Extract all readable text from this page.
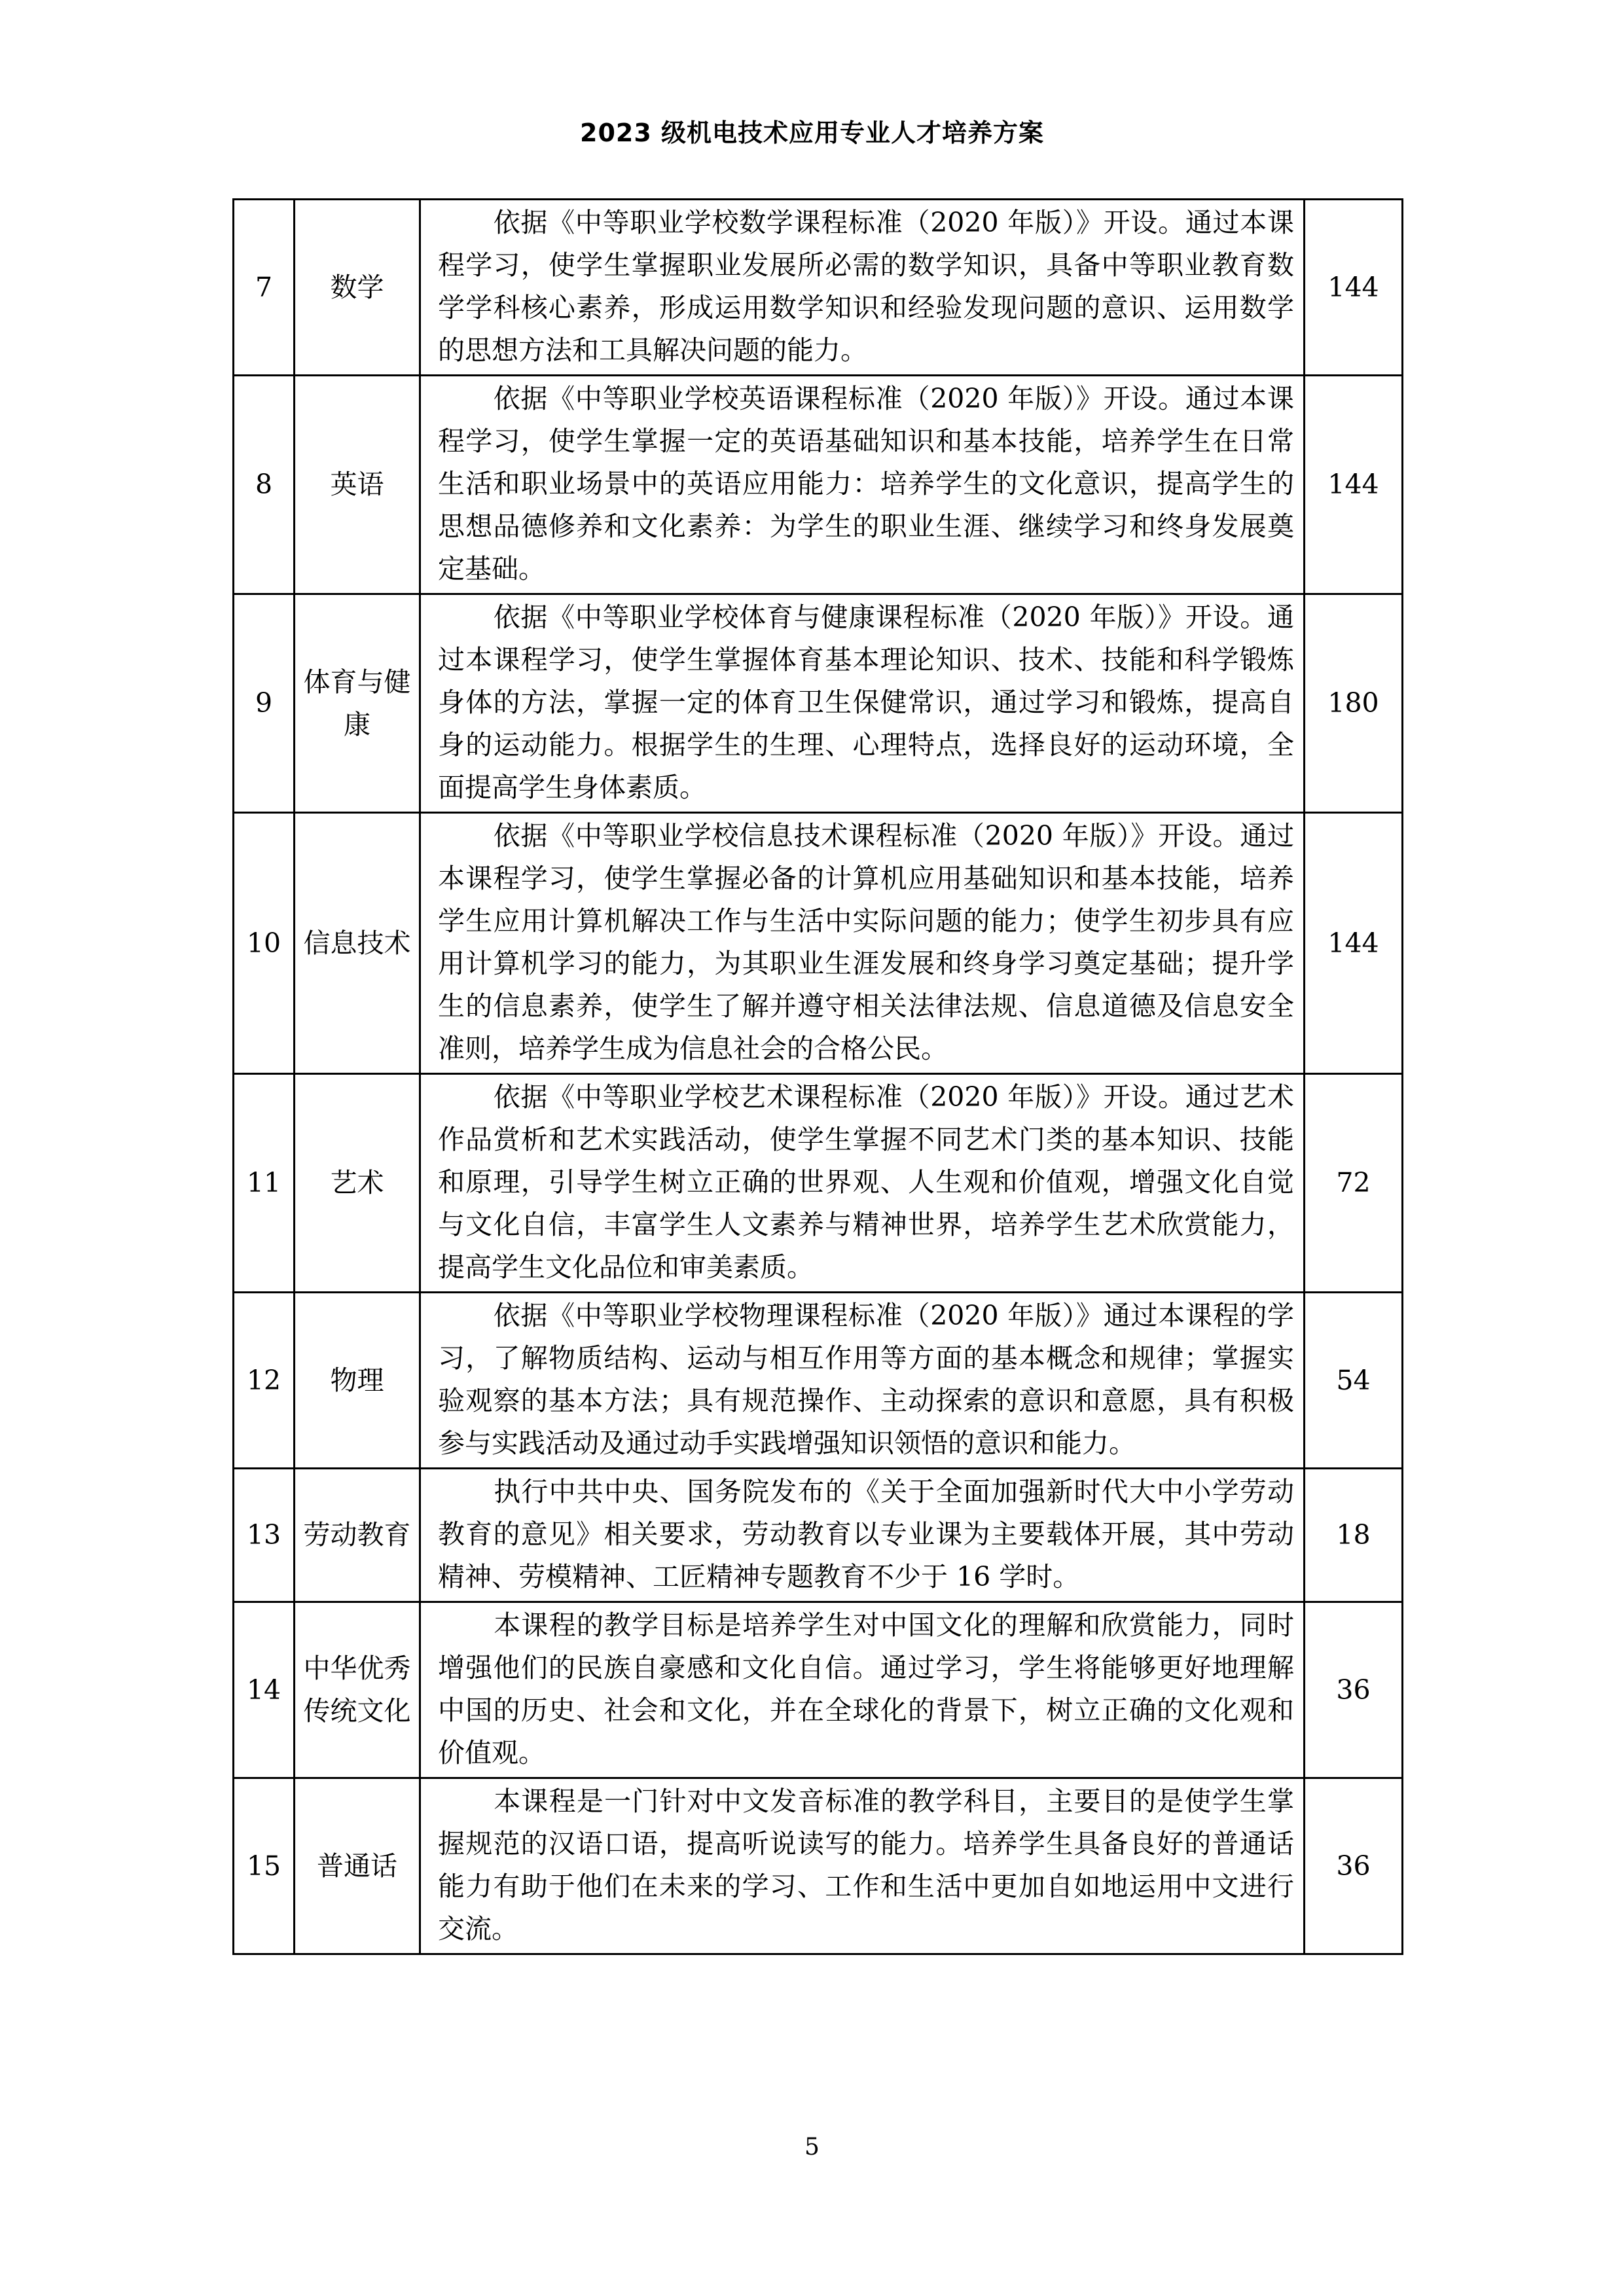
2023 级机电技术应用专业人才培养方案
7	数学	依据《中等职业学校数学课程标准（2020 年版）》开设。通过本课程学习，使学生掌握职业发展所必需的数学知识，具备中等职业教育数学学科核心素养，形成运用数学知识和经验发现问题的意识、运用数学的思想方法和工具解决问题的能力。	144
8	英语	依据《中等职业学校英语课程标准（2020 年版）》开设。通过本课程学习，使学生掌握一定的英语基础知识和基本技能，培养学生在日常生活和职业场景中的英语应用能力：培养学生的文化意识，提高学生的思想品德修养和文化素养：为学生的职业生涯、继续学习和终身发展奠定基础。	144
9	体育与健康	依据《中等职业学校体育与健康课程标准（2020 年版）》开设。通过本课程学习，使学生掌握体育基本理论知识、技术、技能和科学锻炼身体的方法，掌握一定的体育卫生保健常识，通过学习和锻炼，提高自身的运动能力。根据学生的生理、心理特点，选择良好的运动环境，全面提高学生身体素质。	180
10	信息技术	依据《中等职业学校信息技术课程标准（2020 年版）》开设。通过本课程学习，使学生掌握必备的计算机应用基础知识和基本技能，培养学生应用计算机解决工作与生活中实际问题的能力；使学生初步具有应用计算机学习的能力，为其职业生涯发展和终身学习奠定基础；提升学生的信息素养，使学生了解并遵守相关法律法规、信息道德及信息安全准则，培养学生成为信息社会的合格公民。	144
11	艺术	依据《中等职业学校艺术课程标准（2020 年版）》开设。通过艺术作品赏析和艺术实践活动，使学生掌握不同艺术门类的基本知识、技能和原理，引导学生树立正确的世界观、人生观和价值观，增强文化自觉与文化自信，丰富学生人文素养与精神世界，培养学生艺术欣赏能力，提高学生文化品位和审美素质。	72
12	物理	依据《中等职业学校物理课程标准（2020 年版）》通过本课程的学习，了解物质结构、运动与相互作用等方面的基本概念和规律；掌握实验观察的基本方法；具有规范操作、主动探索的意识和意愿，具有积极参与实践活动及通过动手实践增强知识领悟的意识和能力。	54
13	劳动教育	执行中共中央、国务院发布的《关于全面加强新时代大中小学劳动教育的意见》相关要求，劳动教育以专业课为主要载体开展，其中劳动精神、劳模精神、工匠精神专题教育不少于 16 学时。	18
14	中华优秀传统文化	本课程的教学目标是培养学生对中国文化的理解和欣赏能力，同时增强他们的民族自豪感和文化自信。通过学习，学生将能够更好地理解中国的历史、社会和文化，并在全球化的背景下，树立正确的文化观和价值观。	36
15	普通话	本课程是一门针对中文发音标准的教学科目，主要目的是使学生掌握规范的汉语口语，提高听说读写的能力。培养学生具备良好的普通话能力有助于他们在未来的学习、工作和生活中更加自如地运用中文进行交流。	36
5
